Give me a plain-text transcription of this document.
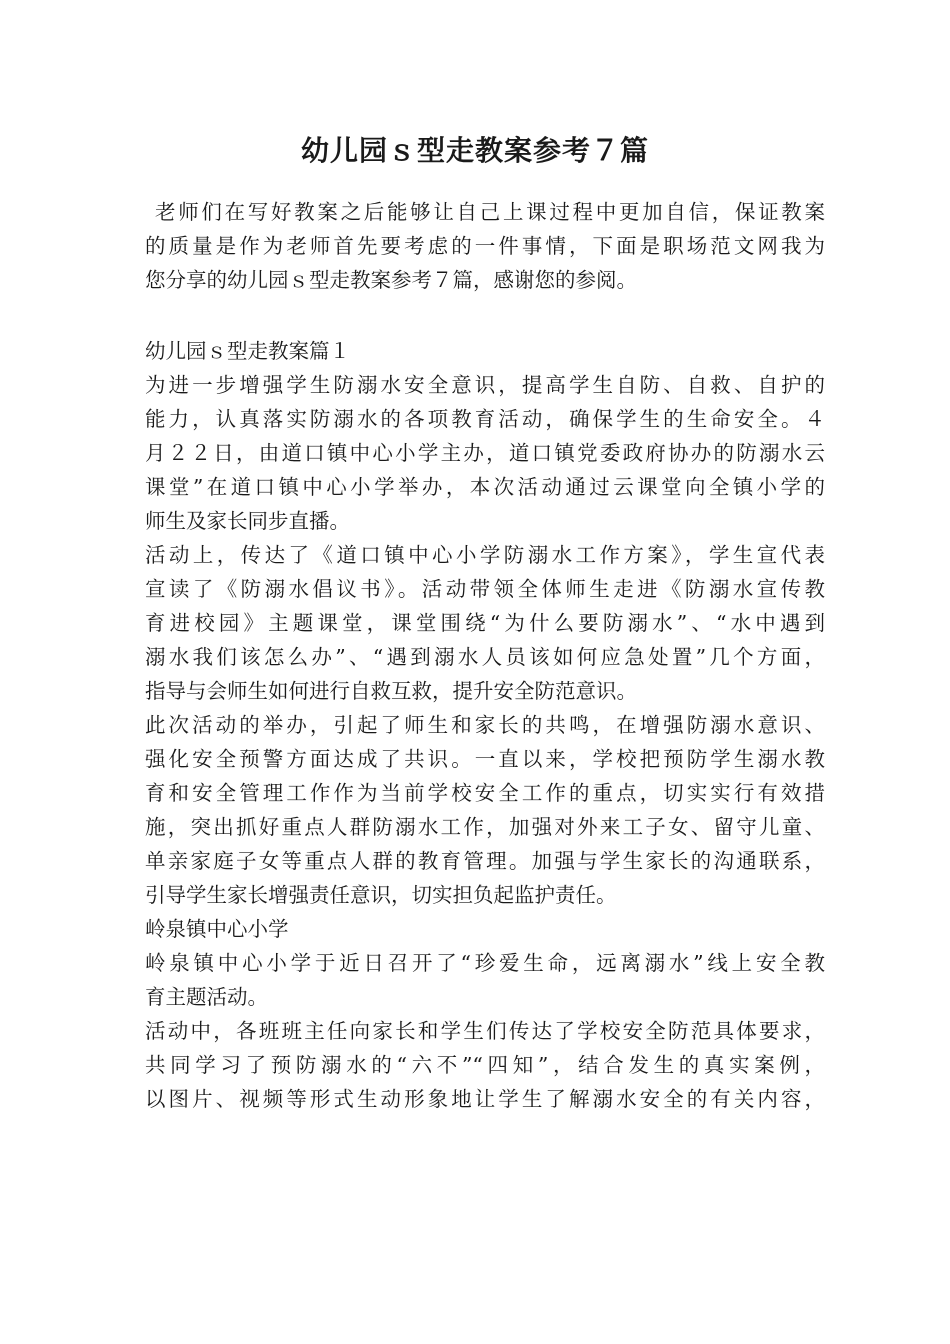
幼儿园ｓ型走教案参考７篇
老师们在写好教案之后能够让自己上课过程中更加自信，保证教案
的质量是作为老师首先要考虑的一件事情，下面是职场范文网我为
您分享的幼儿园ｓ型走教案参考７篇，感谢您的参阅。
幼儿园ｓ型走教案篇１
为进一步增强学生防溺水安全意识，提高学生自防、自救、自护的
能力，认真落实防溺水的各项教育活动，确保学生的生命安全。４
月２２日，由道口镇中心小学主办，道口镇党委政府协办的防溺水云
课堂”在道口镇中心小学举办，本次活动通过云课堂向全镇小学的
师生及家长同步直播。
活动上，传达了《道口镇中心小学防溺水工作方案》，学生宣代表
宣读了《防溺水倡议书》。活动带领全体师生走进《防溺水宣传教
育进校园》主题课堂，课堂围绕“为什么要防溺水”、“水中遇到
溺水我们该怎么办”、“遇到溺水人员该如何应急处置”几个方面，
指导与会师生如何进行自救互救，提升安全防范意识。
此次活动的举办，引起了师生和家长的共鸣，在增强防溺水意识、
强化安全预警方面达成了共识。一直以来，学校把预防学生溺水教
育和安全管理工作作为当前学校安全工作的重点，切实实行有效措
施，突出抓好重点人群防溺水工作，加强对外来工子女、留守儿童、
单亲家庭子女等重点人群的教育管理。加强与学生家长的沟通联系，
引导学生家长增强责任意识，切实担负起监护责任。
岭泉镇中心小学
岭泉镇中心小学于近日召开了“珍爱生命，远离溺水”线上安全教
育主题活动。
活动中，各班班主任向家长和学生们传达了学校安全防范具体要求，
共同学习了预防溺水的“六不”“四知”，结合发生的真实案例，
以图片、视频等形式生动形象地让学生了解溺水安全的有关内容，
